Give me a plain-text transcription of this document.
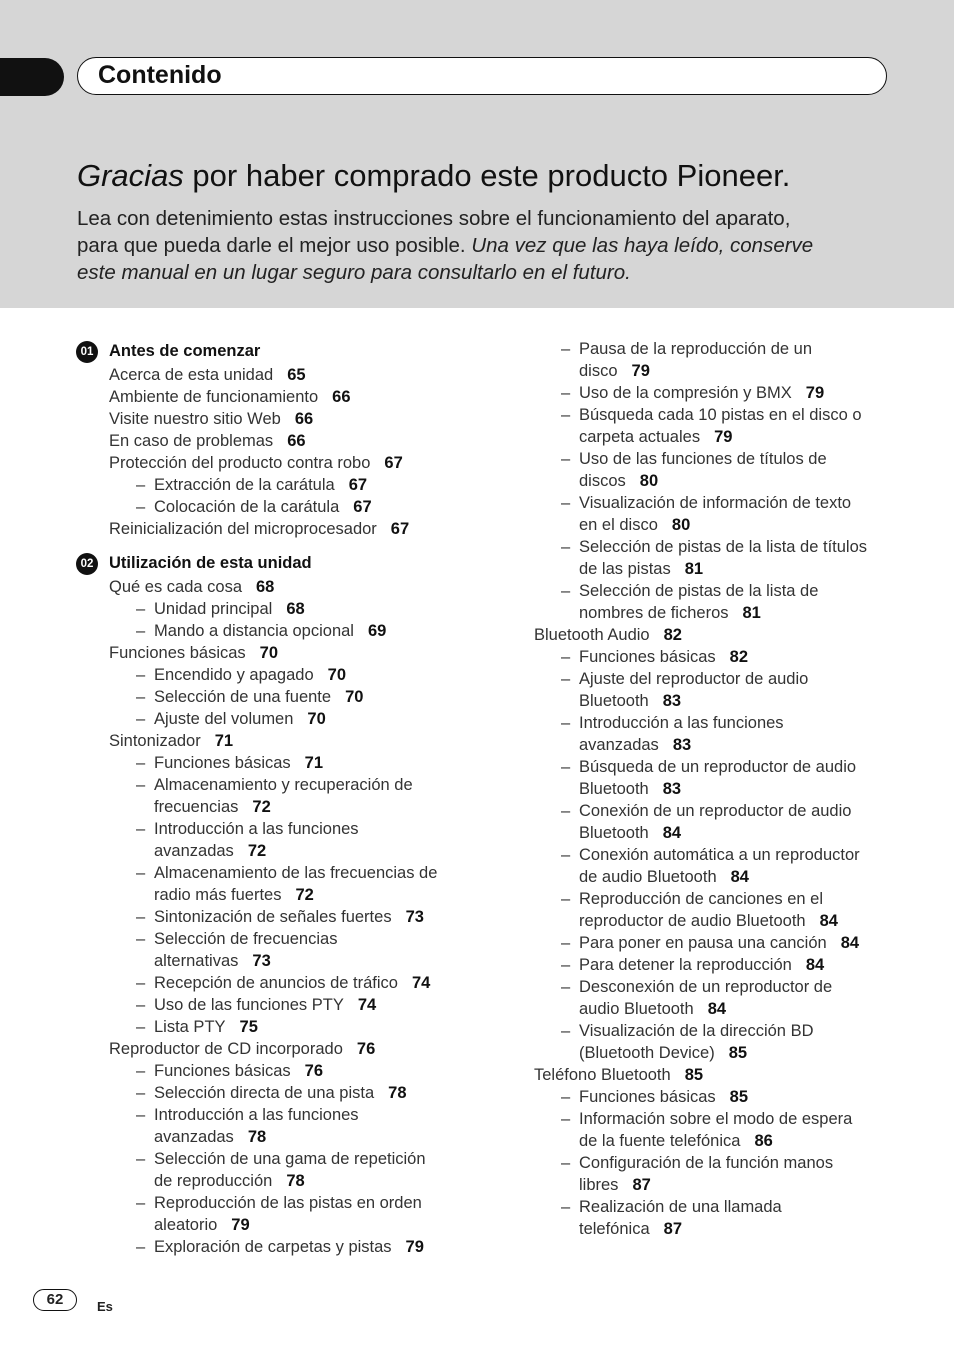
Contenido
Gracias por haber comprado este producto Pioneer.
Lea con detenimiento estas instrucciones sobre el funcionamiento del aparato,
para que pueda darle el mejor uso posible. Una vez que las haya leído, conserve
este manual en un lugar seguro para consultarlo en el futuro.
01 Antes de comenzar
Acerca de esta unidad 65
Ambiente de funcionamiento 66
Visite nuestro sitio Web 66
En caso de problemas 66
Protección del producto contra robo 67
– Extracción de la carátula 67
– Colocación de la carátula 67
Reinicialización del microprocesador 67
02 Utilización de esta unidad
Qué es cada cosa 68
– Unidad principal 68
– Mando a distancia opcional 69
Funciones básicas 70
– Encendido y apagado 70
– Selección de una fuente 70
– Ajuste del volumen 70
Sintonizador 71
– Funciones básicas 71
– Almacenamiento y recuperación de
frecuencias 72
– Introducción a las funciones
avanzadas 72
– Almacenamiento de las frecuencias de
radio más fuertes 72
– Sintonización de señales fuertes 73
– Selección de frecuencias
alternativas 73
– Recepción de anuncios de tráfico 74
– Uso de las funciones PTY 74
– Lista PTY 75
Reproductor de CD incorporado 76
– Funciones básicas 76
– Selección directa de una pista 78
– Introducción a las funciones
avanzadas 78
– Selección de una gama de repetición
de reproducción 78
– Reproducción de las pistas en orden
aleatorio 79
– Exploración de carpetas y pistas 79
– Pausa de la reproducción de un
disco 79
– Uso de la compresión y BMX 79
– Búsqueda cada 10 pistas en el disco o
carpeta actuales 79
– Uso de las funciones de títulos de
discos 80
– Visualización de información de texto
en el disco 80
– Selección de pistas de la lista de títulos
de las pistas 81
– Selección de pistas de la lista de
nombres de ficheros 81
Bluetooth Audio 82
– Funciones básicas 82
– Ajuste del reproductor de audio
Bluetooth 83
– Introducción a las funciones
avanzadas 83
– Búsqueda de un reproductor de audio
Bluetooth 83
– Conexión de un reproductor de audio
Bluetooth 84
– Conexión automática a un reproductor
de audio Bluetooth 84
– Reproducción de canciones en el
reproductor de audio Bluetooth 84
– Para poner en pausa una canción 84
– Para detener la reproducción 84
– Desconexión de un reproductor de
audio Bluetooth 84
– Visualización de la dirección BD
(Bluetooth Device) 85
Teléfono Bluetooth 85
– Funciones básicas 85
– Información sobre el modo de espera
de la fuente telefónica 86
– Configuración de la función manos
libres 87
– Realización de una llamada
telefónica 87
62	Es
